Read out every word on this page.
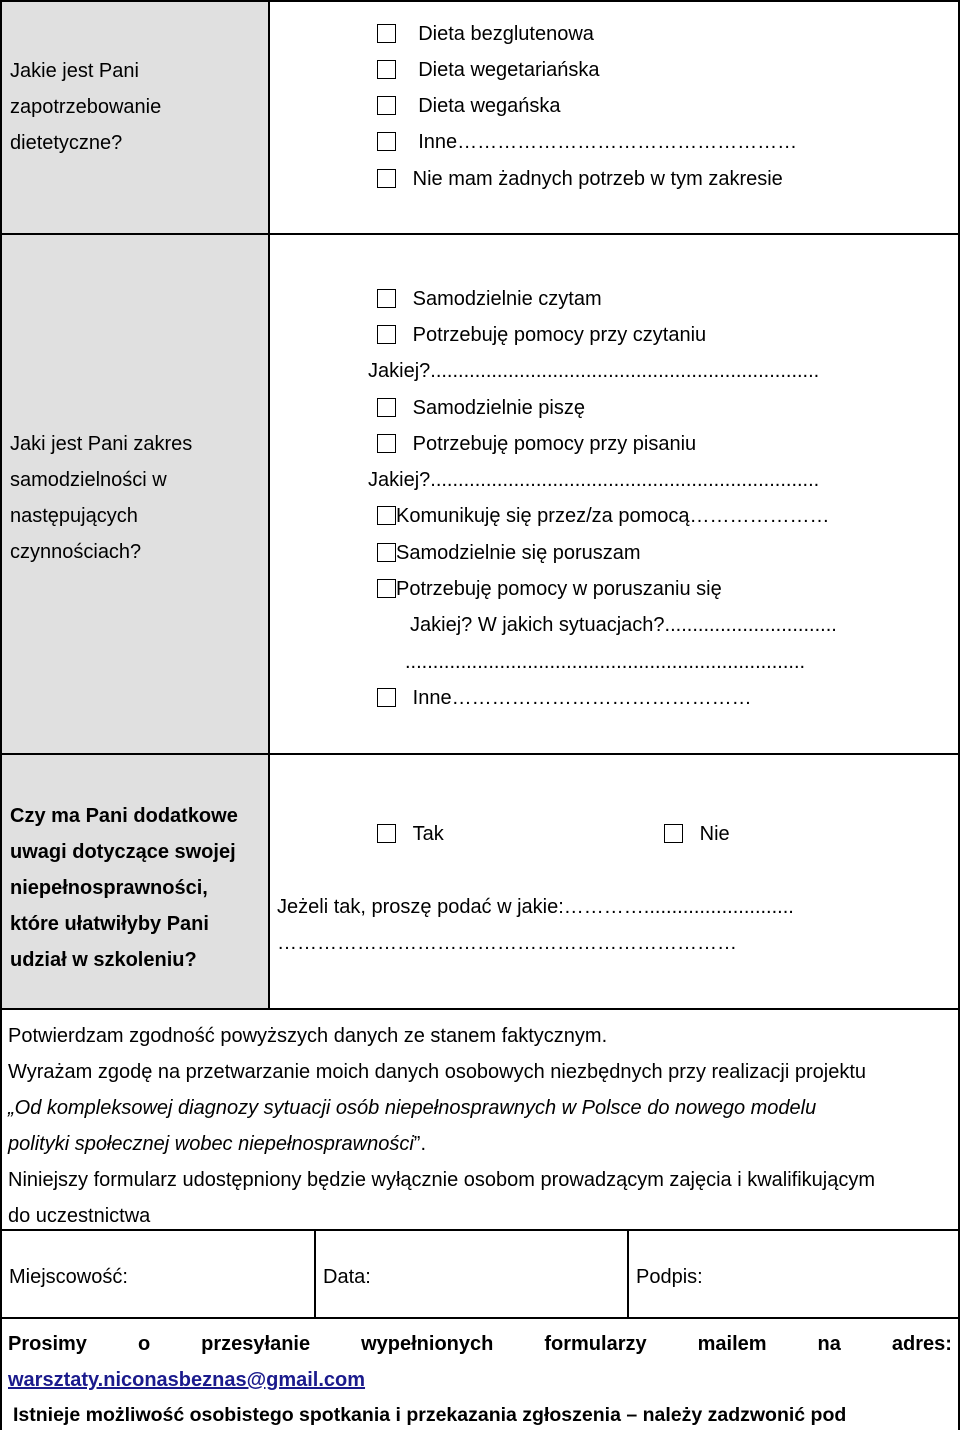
Jakie jest Pani
zapotrzebowanie
dietetyczne?
Dieta bezglutenowa
Dieta wegetariańska
Dieta wegańska
Inne……………………………………………
Nie mam żadnych potrzeb w tym zakresie
Jaki jest Pani zakres
samodzielności w
następujących
czynnościach?
Samodzielnie czytam
Potrzebuję pomocy przy czytaniu
Jakiej?......................................................................
Samodzielnie piszę
Potrzebuję pomocy przy pisaniu
Jakiej?......................................................................
Komunikuję się przez/za pomocą…………………
Samodzielnie się poruszam
Potrzebuję pomocy w poruszaniu się
Jakiej? W jakich sytuacjach?...............................
........................................................................
Inne………………………………………
Czy ma Pani dodatkowe
uwagi dotyczące swojej
niepełnosprawności,
które ułatwiłyby Pani
udział w szkoleniu?
Tak	Nie
Jeżeli tak, proszę podać w jakie:…………...........................
……………………………………………………………
Potwierdzam zgodność powyższych danych ze stanem faktycznym.
Wyrażam zgodę na przetwarzanie moich danych osobowych niezbędnych przy realizacji projektu
„Od kompleksowej diagnozy sytuacji osób niepełnosprawnych w Polsce do nowego modelu
polityki społecznej wobec niepełnosprawności”.
Niniejszy formularz udostępniony będzie wyłącznie osobom prowadzącym zajęcia i kwalifikującym
do uczestnictwa
Miejscowość:	Data:	Podpis:
Prosimy	o	przesyłanie	wypełnionych	formularzy	mailem	na	adres:
warsztaty.niconasbeznas@gmail.com
Istnieje możliwość osobistego spotkania i przekazania zgłoszenia – należy zadzwonić pod
